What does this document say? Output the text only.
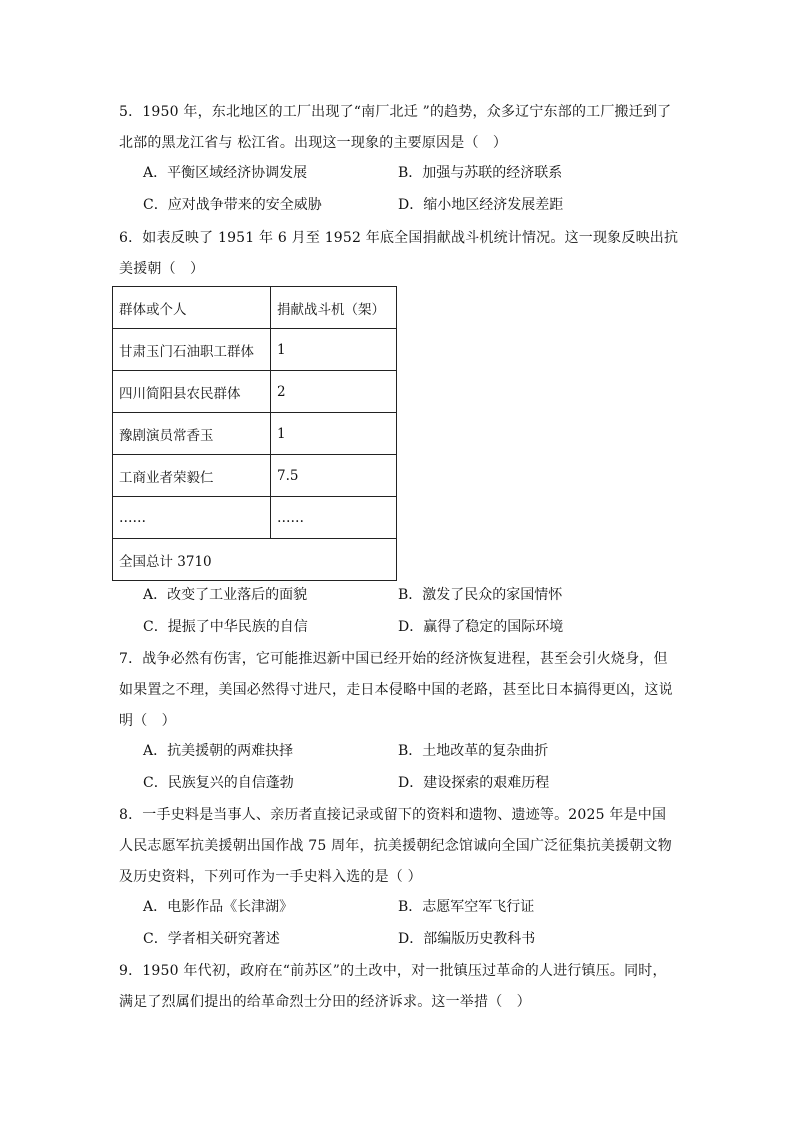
5．1950 年，东北地区的工厂出现了“南厂北迁 ”的趋势，众多辽宁东部的工厂搬迁到了北部的黑龙江省与 松江省。出现这一现象的主要原因是（　）
A．平衡区域经济协调发展	B．加强与苏联的经济联系
C．应对战争带来的安全威胁	D．缩小地区经济发展差距
6．如表反映了 1951 年 6 月至 1952 年底全国捐献战斗机统计情况。这一现象反映出抗美援朝（　）
群体或个人	捐献战斗机（架）
甘肃玉门石油职工群体	1
四川简阳县农民群体	2
豫剧演员常香玉	1
工商业者荣毅仁	7.5
……	……
全国总计 3710	
A．改变了工业落后的面貌	B．激发了民众的家国情怀
C．提振了中华民族的自信	D．赢得了稳定的国际环境
7．战争必然有伤害，它可能推迟新中国已经开始的经济恢复进程，甚至会引火烧身，但如果置之不理，美国必然得寸进尺，走日本侵略中国的老路，甚至比日本搞得更凶，这说明（　）
A．抗美援朝的两难抉择	B．土地改革的复杂曲折
C．民族复兴的自信蓬勃	D．建设探索的艰难历程
8．一手史料是当事人、亲历者直接记录或留下的资料和遗物、遗迹等。2025 年是中国人民志愿军抗美援朝出国作战 75 周年，抗美援朝纪念馆诚向全国广泛征集抗美援朝文物及历史资料，下列可作为一手史料入选的是（ ）
A．电影作品《长津湖》	B．志愿军空军飞行证
C．学者相关研究著述	D．部编版历史教科书
9．1950 年代初，政府在“前苏区”的土改中，对一批镇压过革命的人进行镇压。同时，满足了烈属们提出的给革命烈士分田的经济诉求。这一举措（　）
